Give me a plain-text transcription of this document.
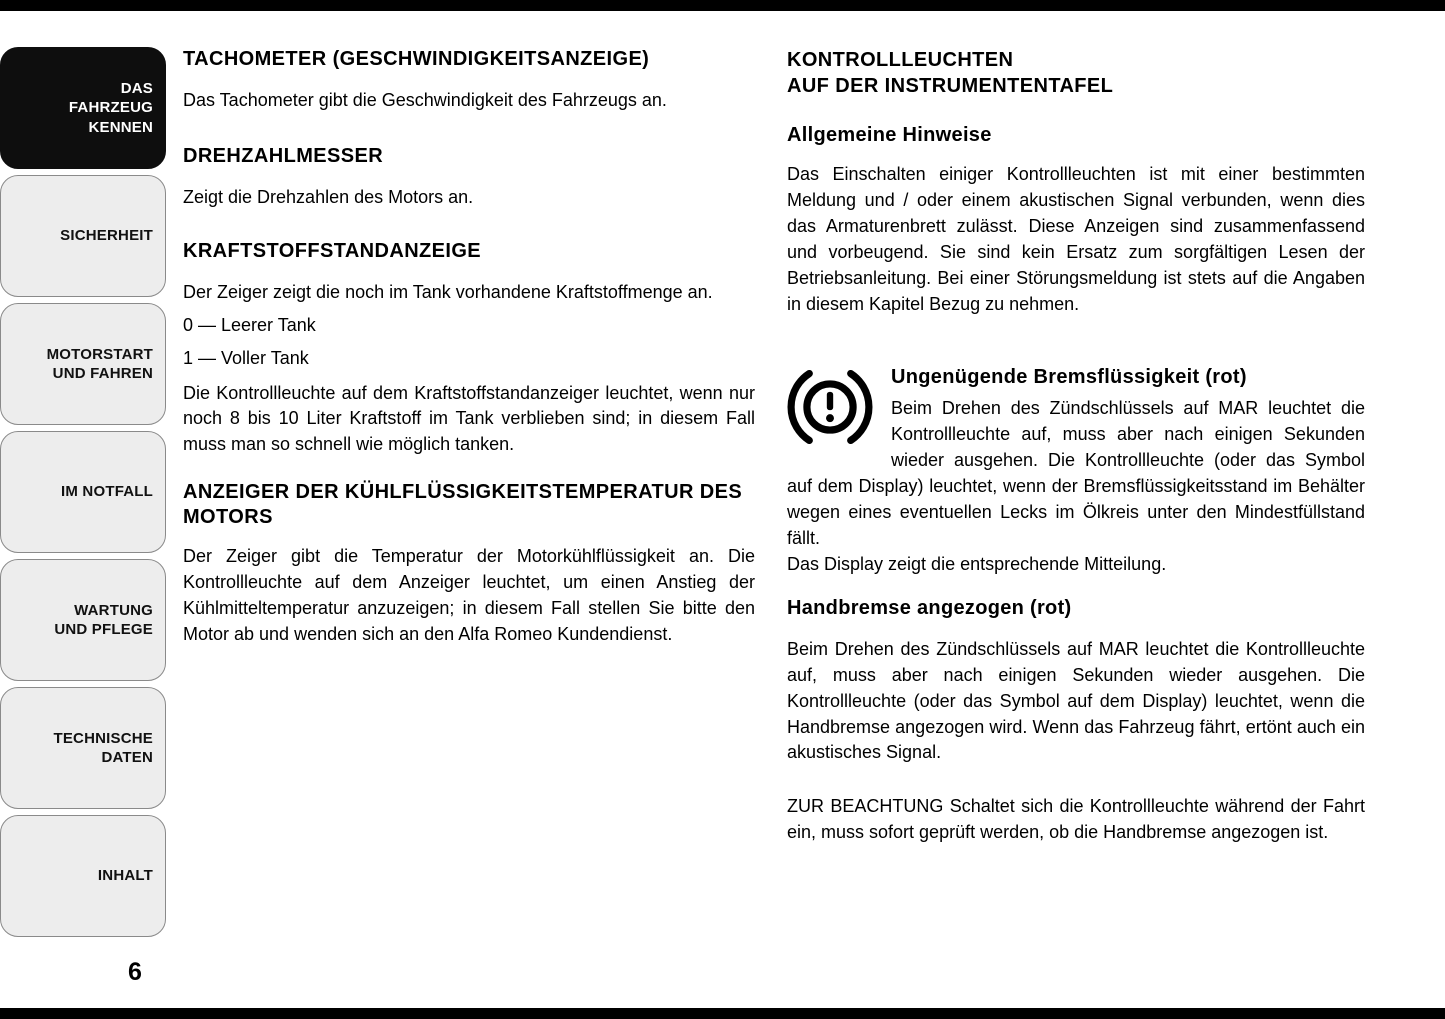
DAS FAHRZEUG KENNEN
SICHERHEIT
MOTORSTART UND FAHREN
IM NOTFALL
WARTUNG UND PFLEGE
TECHNISCHE DATEN
INHALT
6
TACHOMETER (GESCHWINDIGKEITSANZEIGE)

Das Tachometer gibt die Geschwindigkeit des Fahrzeugs an.

DREHZAHLMESSER

Zeigt die Drehzahlen des Motors an.

KRAFTSTOFFSTANDANZEIGE

Der Zeiger zeigt die noch im Tank vorhandene Kraftstoffmenge an.

0 — Leerer Tank

1 — Voller Tank

Die Kontrollleuchte auf dem Kraftstoffstandanzeiger leuchtet, wenn nur noch 8 bis 10 Liter Kraftstoff im Tank verblieben sind; in diesem Fall muss man so schnell wie möglich tanken.

ANZEIGER DER KÜHLFLÜSSIGKEITSTEMPERATUR DES MOTORS

Der Zeiger gibt die Temperatur der Motorkühlflüssigkeit an. Die Kontrollleuchte auf dem Anzeiger leuchtet, um einen Anstieg der Kühlmitteltemperatur anzuzeigen; in diesem Fall stellen Sie bitte den Motor ab und wenden sich an den Alfa Romeo Kundendienst.

KONTROLLLEUCHTEN
AUF DER INSTRUMENTENTAFEL
Allgemeine Hinweise

Das Einschalten einiger Kontrollleuchten ist mit einer bestimmten Meldung und / oder einem akustischen Signal verbunden, wenn dies das Armaturenbrett zulässt. Diese Anzeigen sind zusammenfassend und vorbeugend. Sie sind kein Ersatz zum sorgfältigen Lesen der Betriebsanleitung. Bei einer Störungsmeldung ist stets auf die Angaben in diesem Kapitel Bezug zu nehmen.

Ungenügende Bremsflüssigkeit (rot)

Beim Drehen des Zündschlüssels auf MAR leuchtet die Kontrollleuchte auf, muss aber nach einigen Sekunden wieder ausgehen. Die Kontrollleuchte (oder das Symbol auf dem Display) leuchtet, wenn der Bremsflüssigkeitsstand im Behälter wegen eines eventuellen Lecks im Ölkreis unter den Mindestfüllstand fällt.

Das Display zeigt die entsprechende Mitteilung.

Handbremse angezogen (rot)

Beim Drehen des Zündschlüssels auf MAR leuchtet die Kontrollleuchte auf, muss aber nach einigen Sekunden wieder ausgehen. Die Kontrollleuchte (oder das Symbol auf dem Display) leuchtet, wenn die Handbremse angezogen wird. Wenn das Fahrzeug fährt, ertönt auch ein akustisches Signal.

ZUR BEACHTUNG Schaltet sich die Kontrollleuchte während der Fahrt ein, muss sofort geprüft werden, ob die Handbremse angezogen ist.
